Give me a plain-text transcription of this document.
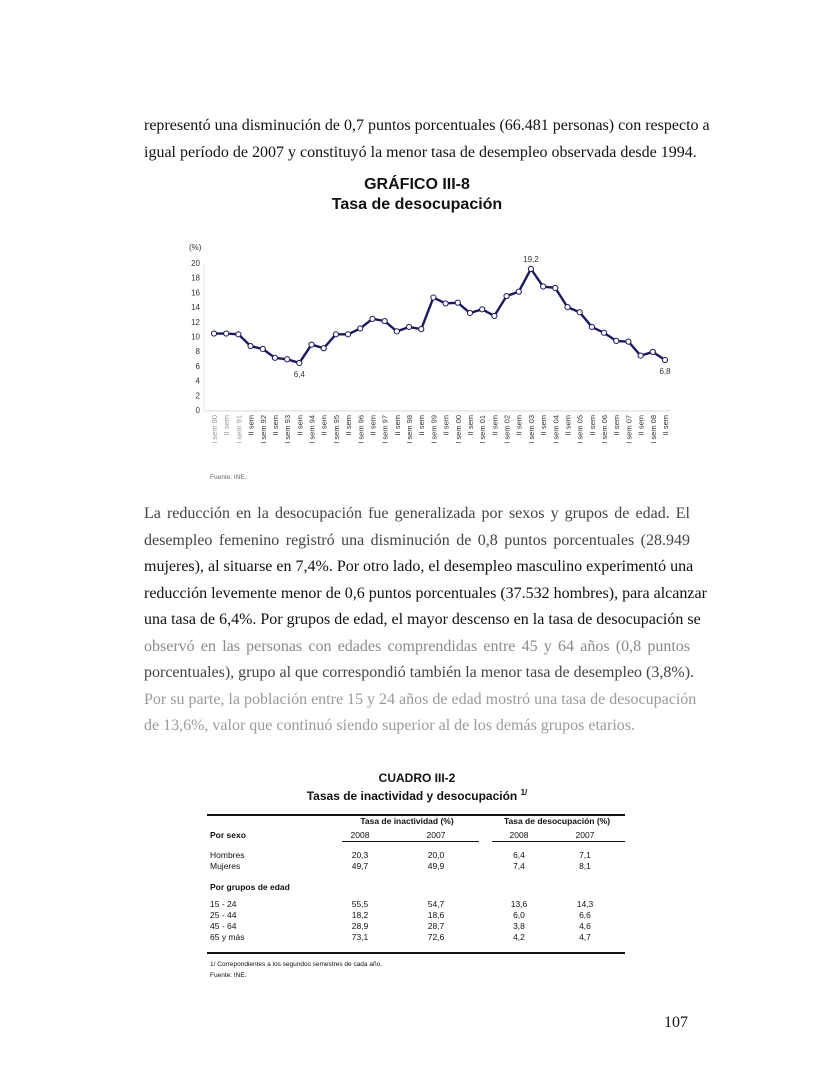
representó una disminución de 0,7 puntos porcentuales (66.481 personas) con respecto a
igual período de 2007 y constituyó la menor tasa de desempleo observada desde 1994.
GRÁFICO III-8
Tasa de desocupación
(%)
0
2
4
6
8
10
12
14
16
18
20
I sem 90 II sem I sem 91 II sem I sem 92 II sem I sem 93 II sem I sem 94 II sem I sem 95 II sem I sem 96 II sem I sem 97 II sem I sem 98 II sem I sem 99 II sem I sem 00 II sem I sem 01 II sem I sem 02 II sem I sem 03 II sem I sem 04 II sem I sem 05 II sem I sem 06 II sem I sem 07 II sem I sem 08 II sem
6,4
19,2
6,8
Fuente: INE.
La reducción en la desocupación fue generalizada por sexos y grupos de edad. El
desempleo femenino registró una disminución de 0,8 puntos porcentuales (28.949
mujeres), al situarse en 7,4%. Por otro lado, el desempleo masculino experimentó una
reducción levemente menor de 0,6 puntos porcentuales (37.532 hombres), para alcanzar
una tasa de 6,4%. Por grupos de edad, el mayor descenso en la tasa de desocupación se
observó en las personas con edades comprendidas entre 45 y 64 años (0,8 puntos
porcentuales), grupo al que correspondió también la menor tasa de desempleo (3,8%).
Por su parte, la población entre 15 y 24 años de edad mostró una tasa de desocupación
de 13,6%, valor que continuó siendo superior al de los demás grupos etarios.
CUADRO III-2
Tasas de inactividad y desocupación $^{1/}$
Tasa de inactividad (%)	Tasa de desocupación (%)
Por sexo	2008	2007	2008	2007
Hombres	20,3	20,0	6,4	7,1
Mujeres	49,7	49,9	7,4	8,1
Por grupos de edad
15 - 24	55,5	54,7	13,6	14,3
25 - 44	18,2	18,6	6,0	6,6
45 - 64	28,9	28,7	3,8	4,6
65 y más	73,1	72,6	4,2	4,7
1/ Correpondientes a los segundos semestres de cada año.
Fuente: INE.
107
